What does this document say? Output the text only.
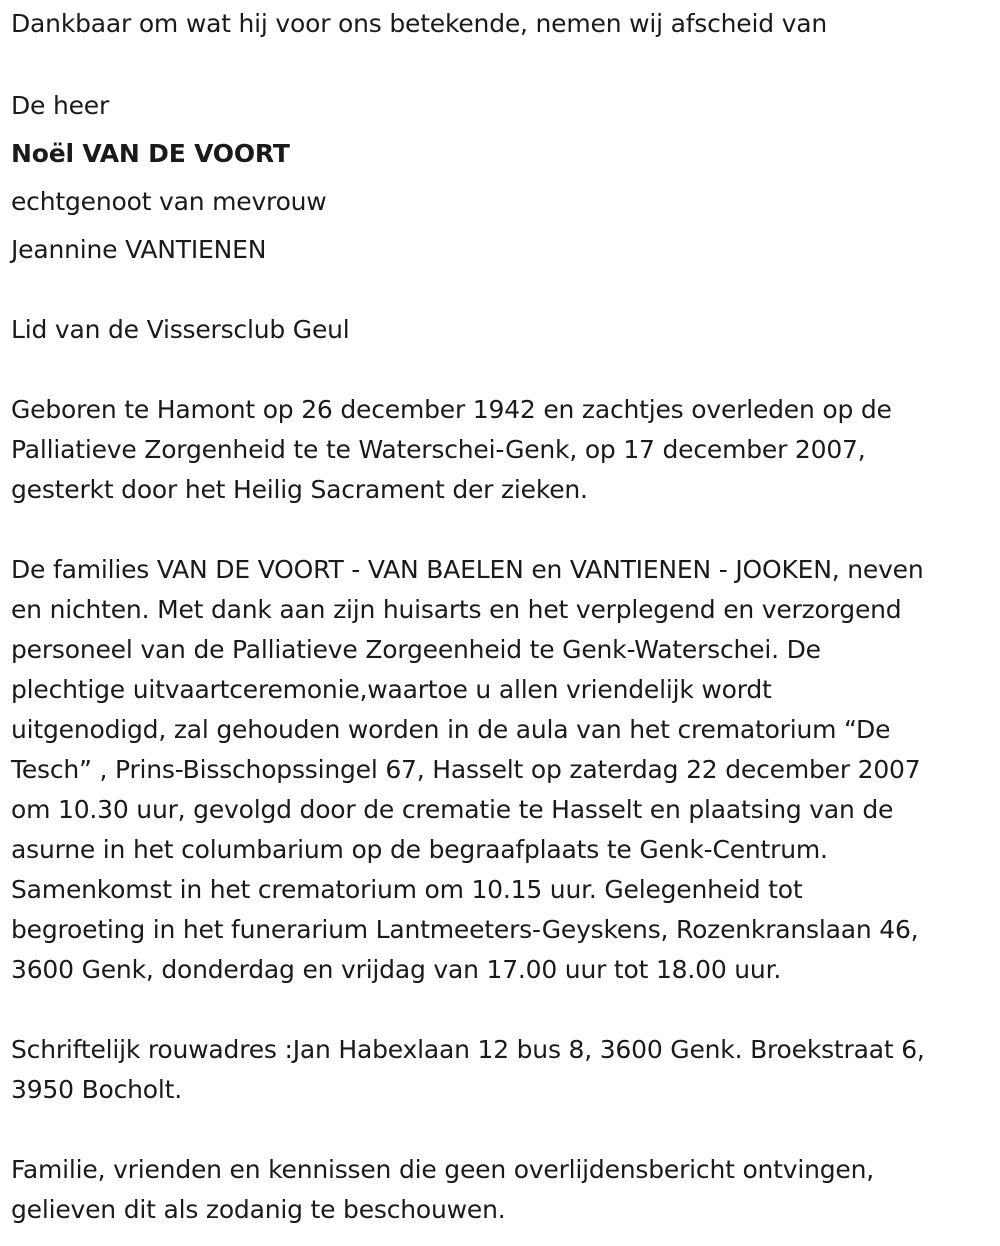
Dankbaar om wat hij voor ons betekende, nemen wij afscheid van
De heer
Noël VAN DE VOORT
echtgenoot van mevrouw
Jeannine VANTIENEN
Lid van de Vissersclub Geul

Geboren te Hamont op 26 december 1942 en zachtjes overleden op de

Palliatieve Zorgenheid te te Waterschei-Genk, op 17 december 2007,

gesterkt door het Heilig Sacrament der zieken.

De families VAN DE VOORT - VAN BAELEN en VANTIENEN - JOOKEN, neven

en nichten. Met dank aan zijn huisarts en het verplegend en verzorgend

personeel van de Palliatieve Zorgeenheid te Genk-Waterschei. De

plechtige uitvaartceremonie,waartoe u allen vriendelijk wordt

uitgenodigd, zal gehouden worden in de aula van het crematorium “De

Tesch” , Prins-Bisschopssingel 67, Hasselt op zaterdag 22 december 2007

om 10.30 uur, gevolgd door de crematie te Hasselt en plaatsing van de

asurne in het columbarium op de begraafplaats te Genk-Centrum.

Samenkomst in het crematorium om 10.15 uur. Gelegenheid tot

begroeting in het funerarium Lantmeeters-Geyskens, Rozenkranslaan 46,

3600 Genk, donderdag en vrijdag van 17.00 uur tot 18.00 uur.

Schriftelijk rouwadres :Jan Habexlaan 12 bus 8, 3600 Genk. Broekstraat 6,

3950 Bocholt.

Familie, vrienden en kennissen die geen overlijdensbericht ontvingen,

gelieven dit als zodanig te beschouwen.
